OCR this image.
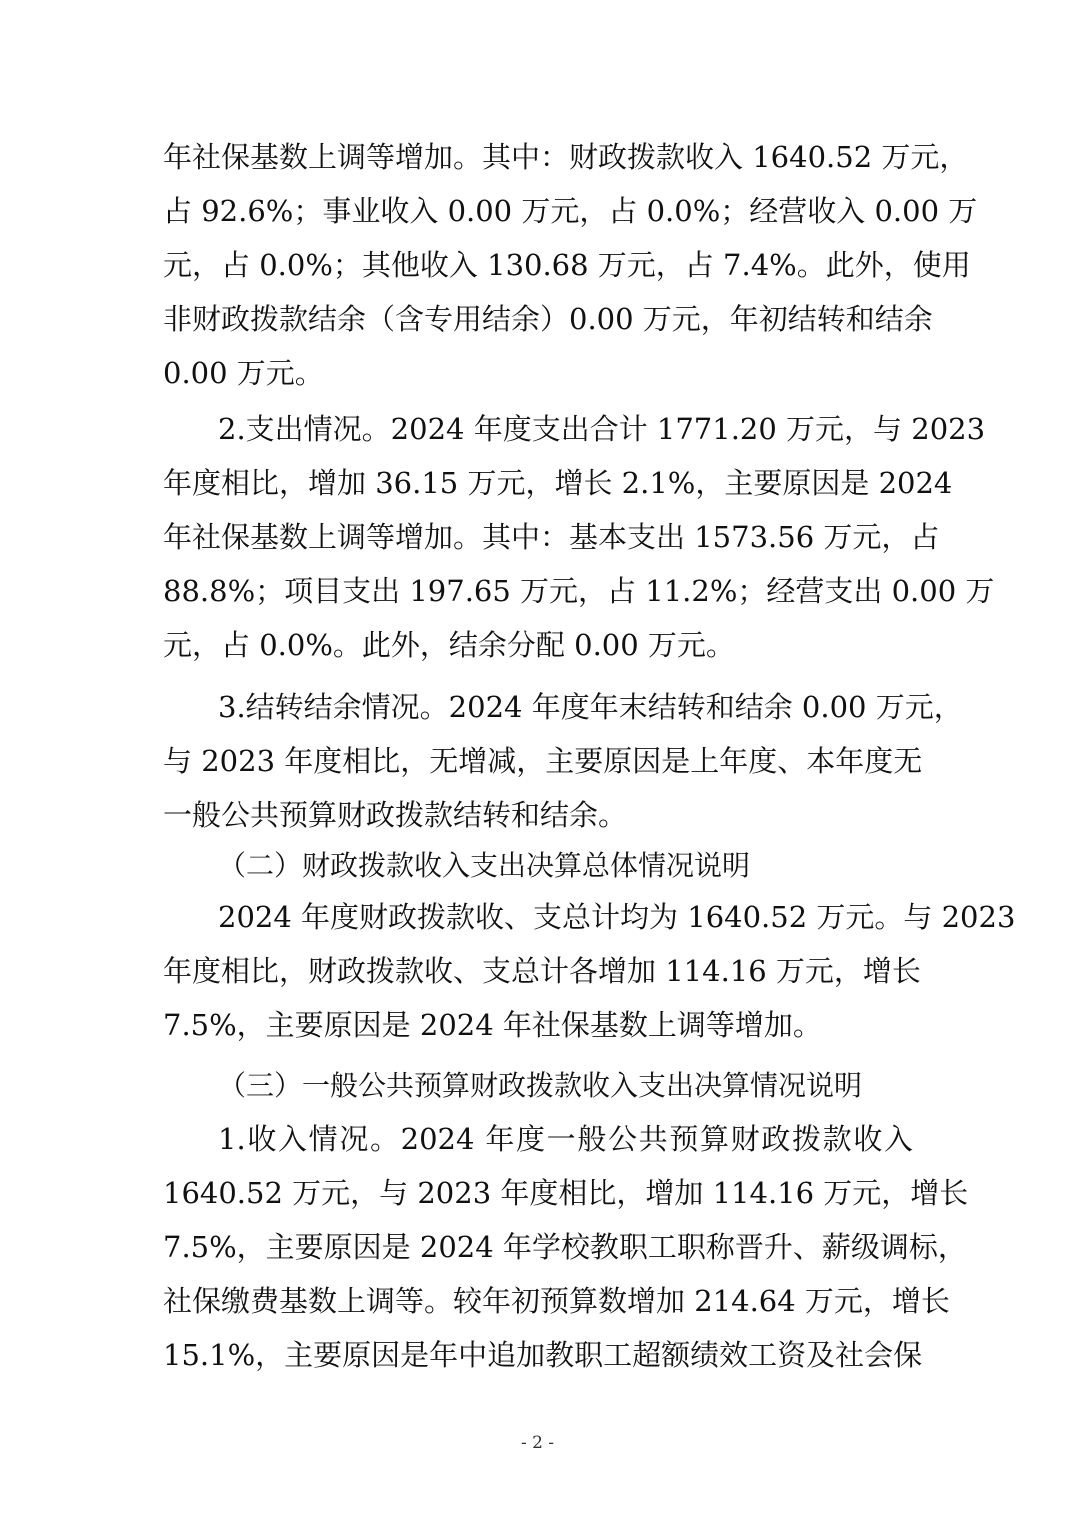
年社保基数上调等增加。其中：财政拨款收入 1640.52 万元，
占 92.6%；事业收入 0.00 万元，占 0.0%；经营收入 0.00 万
元，占 0.0%；其他收入 130.68 万元，占 7.4%。此外，使用
非财政拨款结余（含专用结余）0.00 万元，年初结转和结余
0.00 万元。
2.支出情况。2024 年度支出合计 1771.20 万元，与 2023
年度相比，增加 36.15 万元，增长 2.1%，主要原因是 2024
年社保基数上调等增加。其中：基本支出 1573.56 万元，占
88.8%；项目支出 197.65 万元，占 11.2%；经营支出 0.00 万
元，占 0.0%。此外，结余分配 0.00 万元。
3.结转结余情况。2024 年度年末结转和结余 0.00 万元，
与 2023 年度相比，无增减，主要原因是上年度、本年度无
一般公共预算财政拨款结转和结余。
（二）财政拨款收入支出决算总体情况说明
2024 年度财政拨款收、支总计均为 1640.52 万元。与 2023
年度相比，财政拨款收、支总计各增加 114.16 万元，增长
7.5%，主要原因是 2024 年社保基数上调等增加。
（三）一般公共预算财政拨款收入支出决算情况说明
1.收入情况。2024 年度一般公共预算财政拨款收入
1640.52 万元，与 2023 年度相比，增加 114.16 万元，增长
7.5%，主要原因是 2024 年学校教职工职称晋升、薪级调标，
社保缴费基数上调等。较年初预算数增加 214.64 万元，增长
15.1%，主要原因是年中追加教职工超额绩效工资及社会保
- 2 -
